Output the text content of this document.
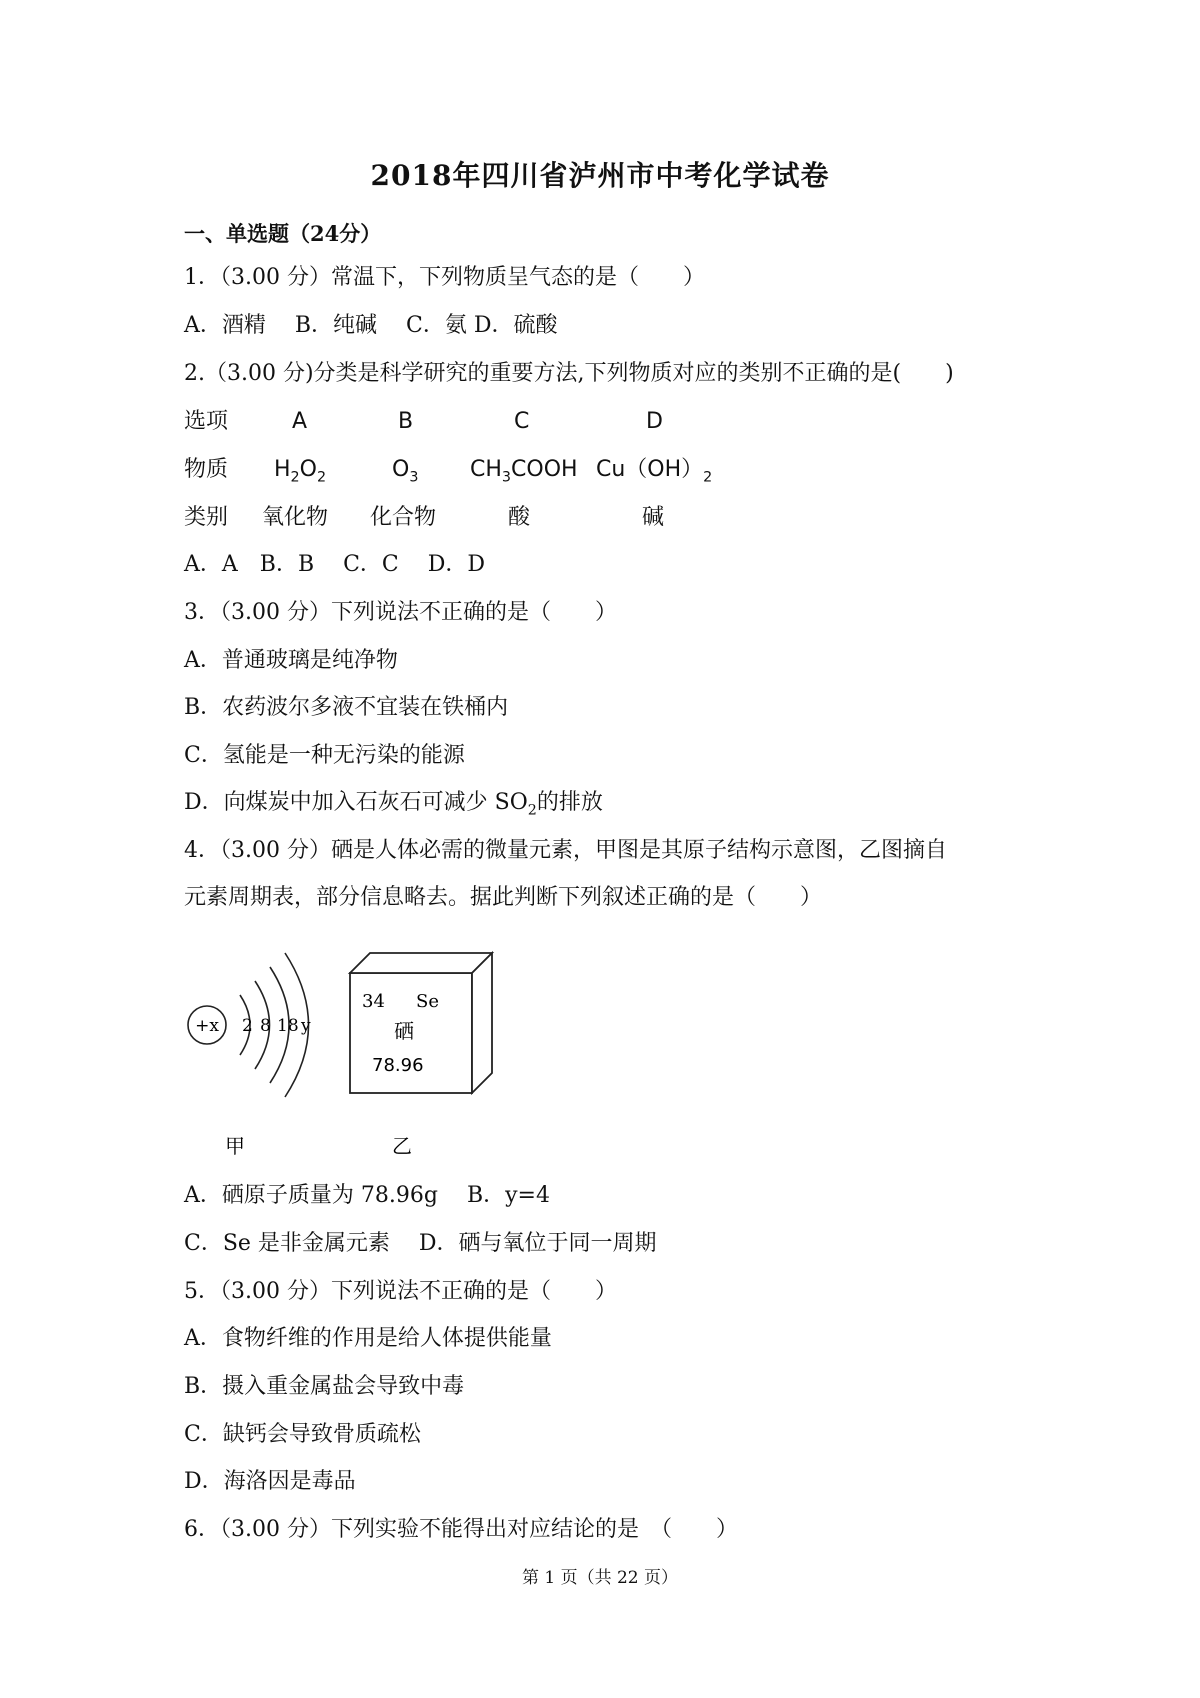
2018年四川省泸州市中考化学试卷
一、单选题（24分）
1．（3.00 分）常温下，下列物质呈气态的是（　　）
A．酒精　 B．纯碱　 C．氨 D．硫酸
2.（3.00 分)分类是科学研究的重要方法,下列物质对应的类别不正确的是(　　)
选项	A	B	C	D
物质 $H_2O_2$	$O_3$ $CH_3COOH$ $Cu(OH)_2$
类别 氧化物 化合物	酸	碱
A．A　B．B　 C．C　 D．D
3．（3.00 分）下列说法不正确的是（　　）
A．普通玻璃是纯净物
B．农药波尔多液不宜装在铁桶内
C．氢能是一种无污染的能源
D．向煤炭中加入石灰石可减少 $SO_2$的排放
4．（3.00 分）硒是人体必需的微量元素，甲图是其原子结构示意图，乙图摘自
元素周期表，部分信息略去。据此判断下列叙述正确的是（　　）
+x 2 8 18 y
甲
34 Se
硒
78.96
乙
A．硒原子质量为 78.96g　 B．y=4
C．Se 是非金属元素　 D．硒与氧位于同一周期
5．（3.00 分）下列说法不正确的是（　　）
A．食物纤维的作用是给人体提供能量
B．摄入重金属盐会导致中毒
C．缺钙会导致骨质疏松
D．海洛因是毒品
6．（3.00 分）下列实验不能得出对应结论的是　（　　）
第 1 页（共 22 页）
